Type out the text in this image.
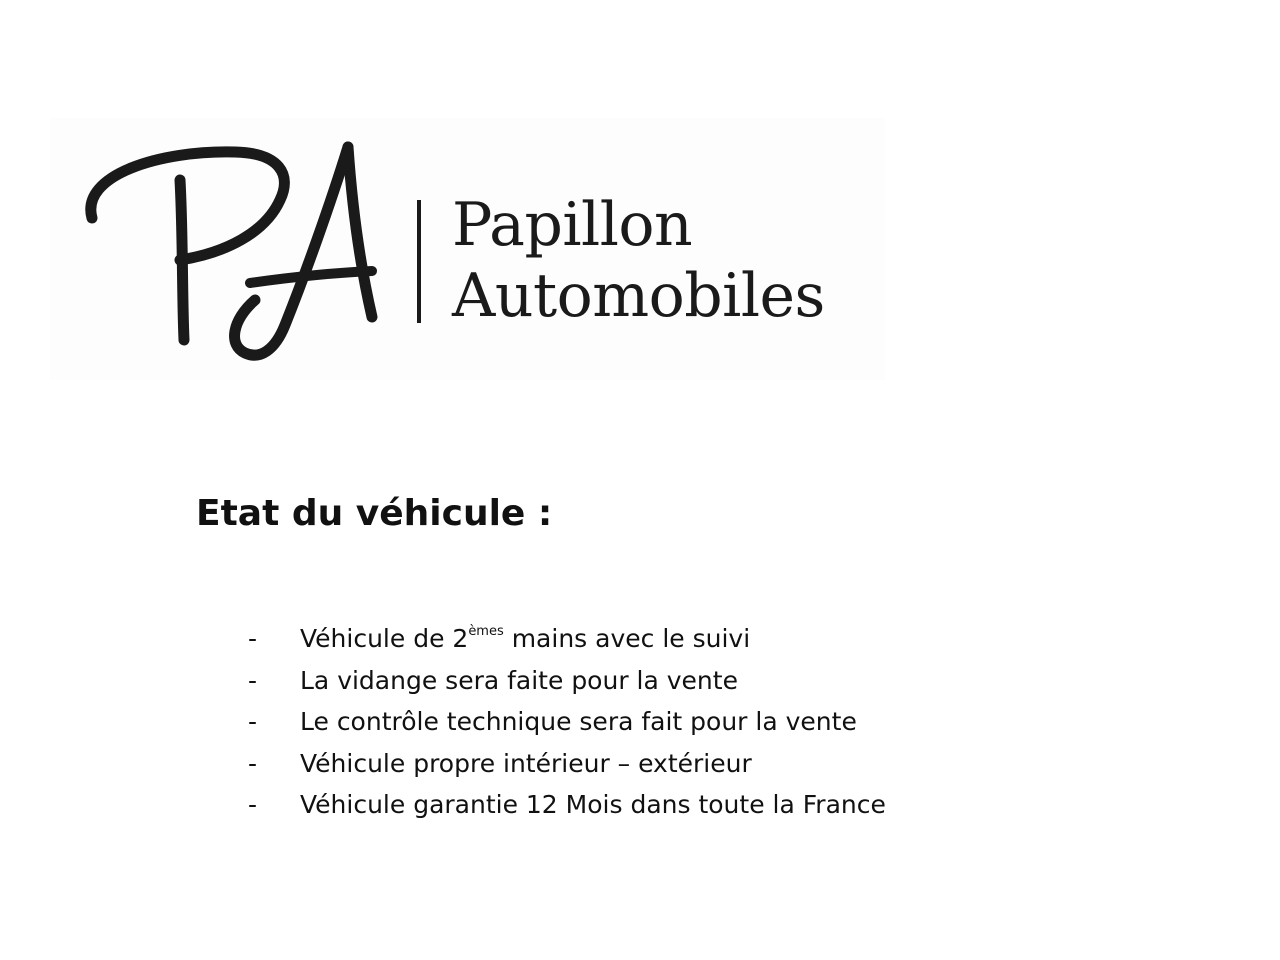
Papillon
Automobiles
Etat du véhicule :
- Véhicule de 2èmes mains avec le suivi
- La vidange sera faite pour la vente
- Le contrôle technique sera fait pour la vente
- Véhicule propre intérieur – extérieur
- Véhicule garantie 12 Mois dans toute la France
